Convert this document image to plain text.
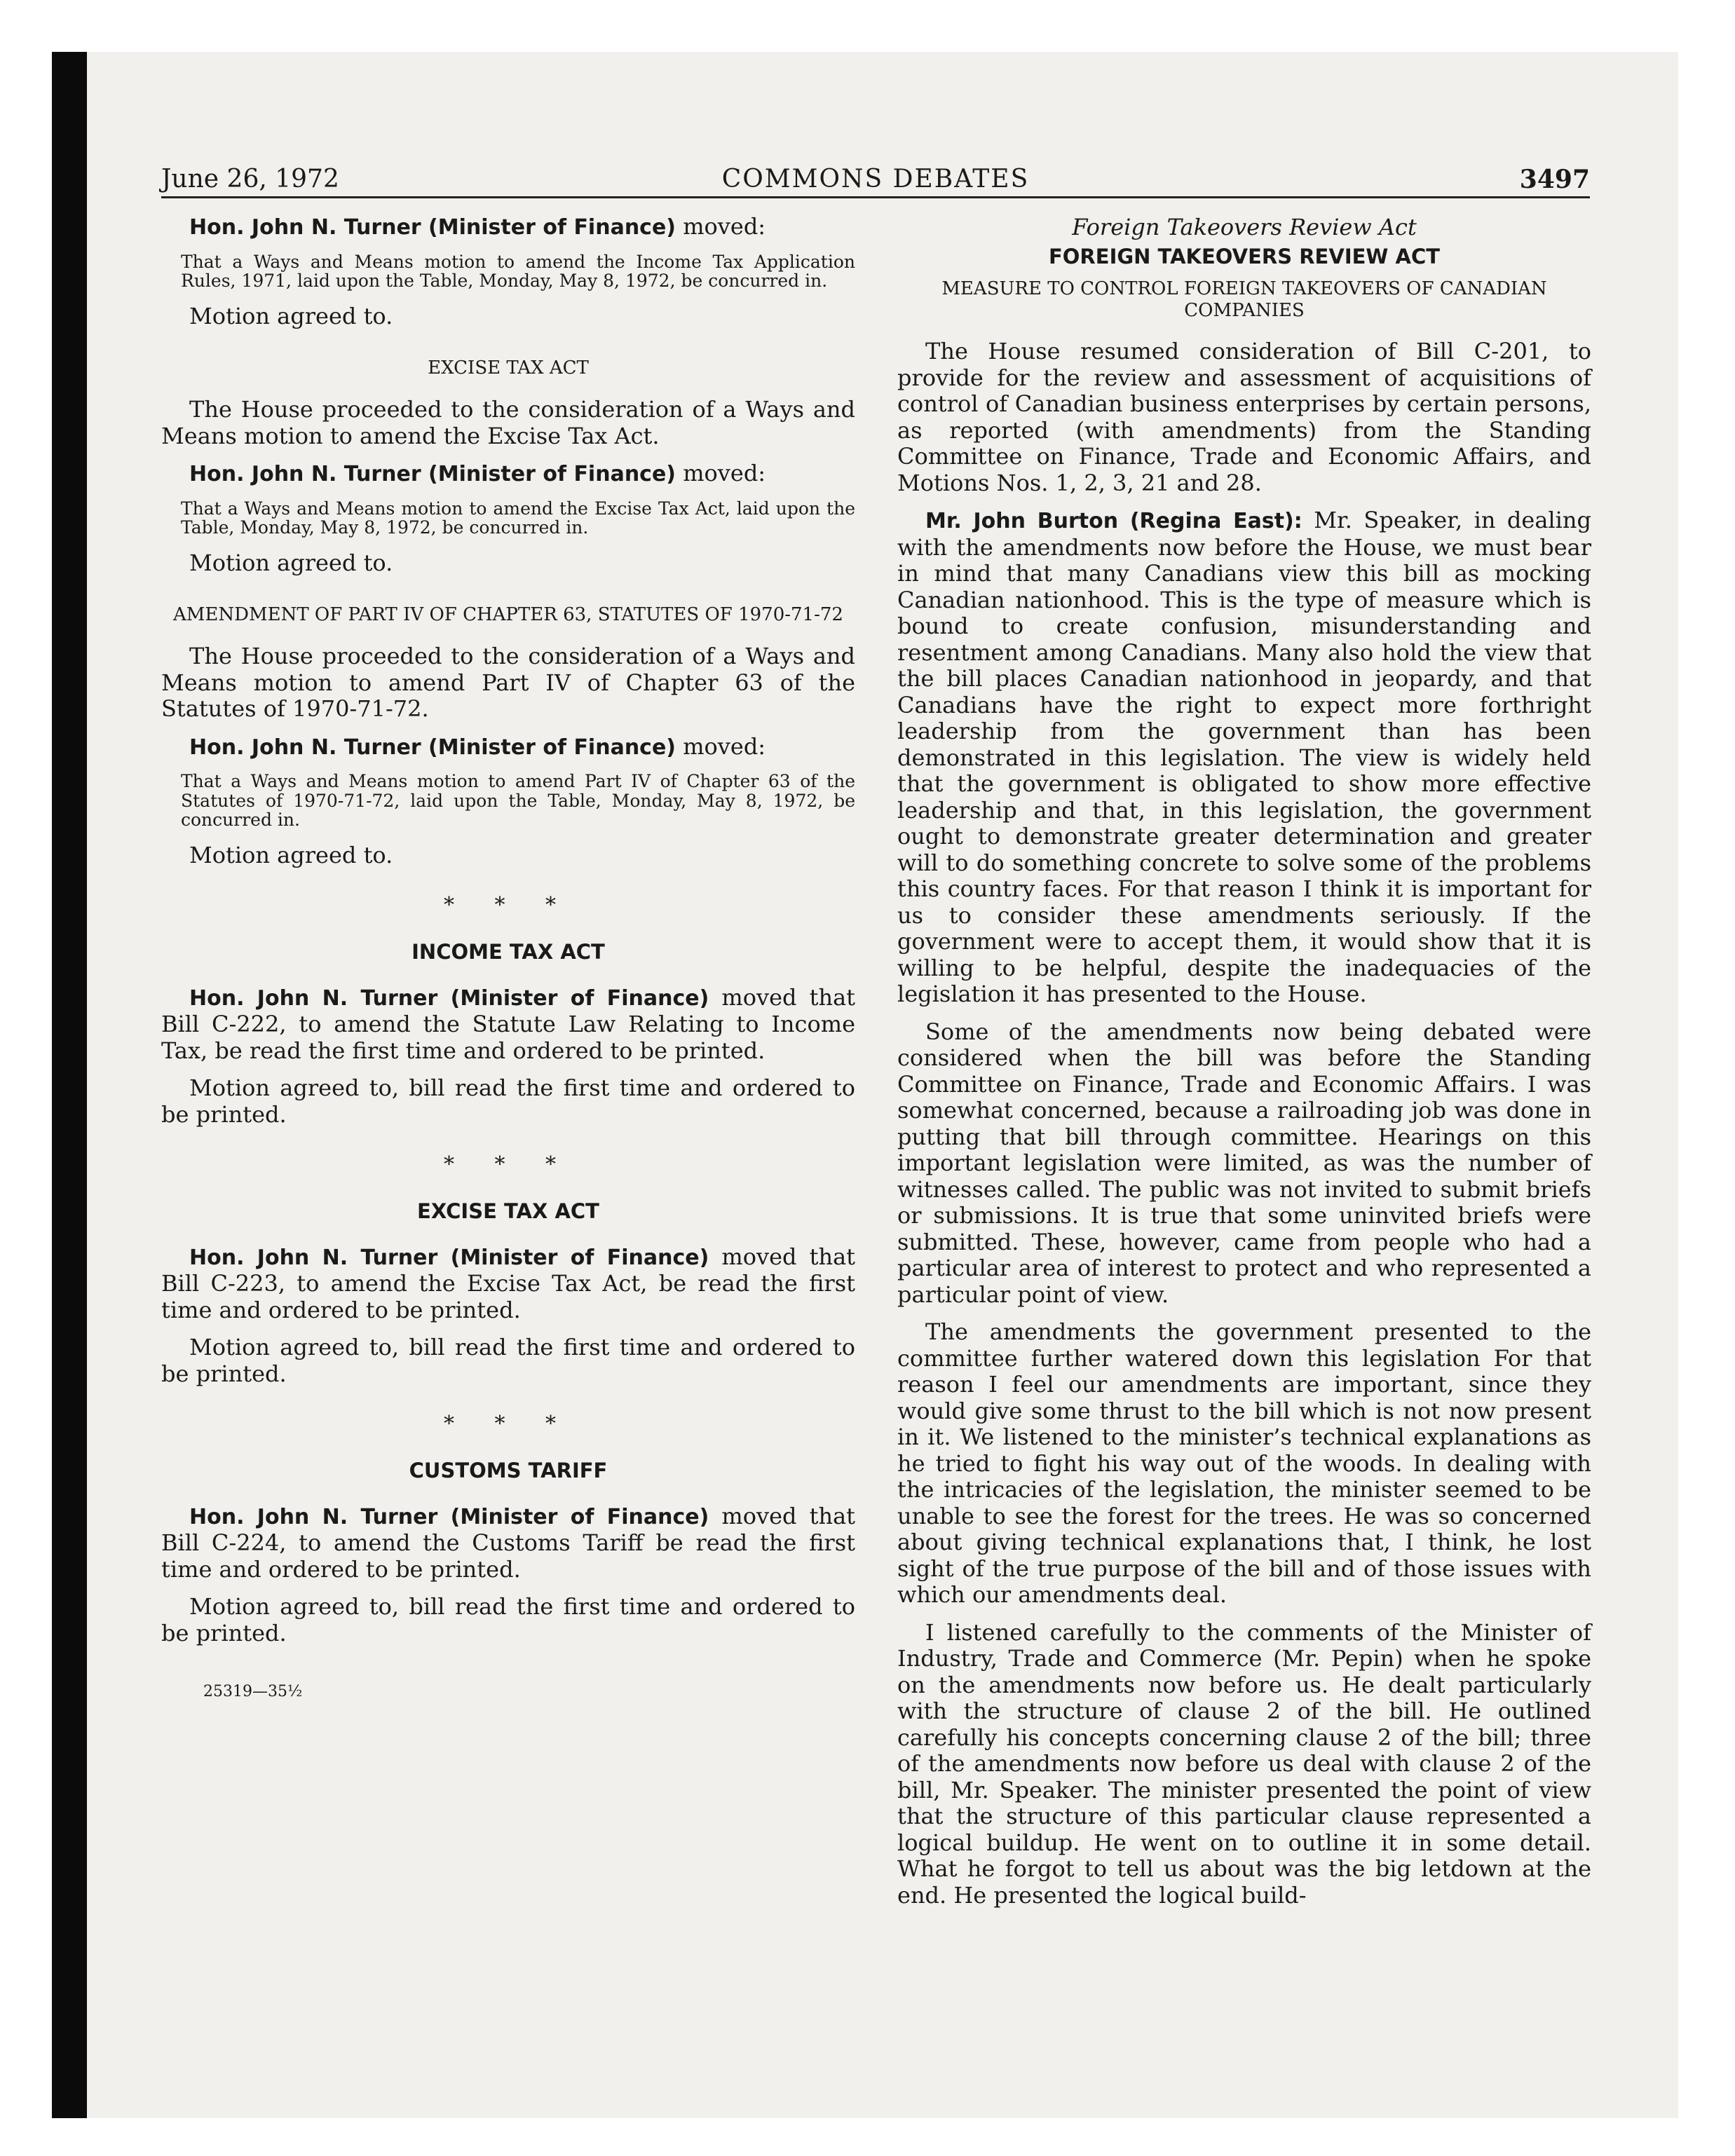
June 26, 1972	COMMONS DEBATES	3497

Hon. John N. Turner (Minister of Finance) moved:

That a Ways and Means motion to amend the Income Tax Application Rules, 1971, laid upon the Table, Monday, May 8, 1972, be concurred in.

Motion agreed to.

EXCISE TAX ACT

The House proceeded to the consideration of a Ways and Means motion to amend the Excise Tax Act.

Hon. John N. Turner (Minister of Finance) moved:

That a Ways and Means motion to amend the Excise Tax Act, laid upon the Table, Monday, May 8, 1972, be concurred in.

Motion agreed to.

AMENDMENT OF PART IV OF CHAPTER 63, STATUTES OF 1970-71-72

The House proceeded to the consideration of a Ways and Means motion to amend Part IV of Chapter 63 of the Statutes of 1970-71-72.

Hon. John N. Turner (Minister of Finance) moved:

That a Ways and Means motion to amend Part IV of Chapter 63 of the Statutes of 1970-71-72, laid upon the Table, Monday, May 8, 1972, be concurred in.

Motion agreed to.

* * *

INCOME TAX ACT

Hon. John N. Turner (Minister of Finance) moved that Bill C-222, to amend the Statute Law Relating to Income Tax, be read the first time and ordered to be printed.

Motion agreed to, bill read the first time and ordered to be printed.

* * *

EXCISE TAX ACT

Hon. John N. Turner (Minister of Finance) moved that Bill C-223, to amend the Excise Tax Act, be read the first time and ordered to be printed.

Motion agreed to, bill read the first time and ordered to be printed.

* * *

CUSTOMS TARIFF

Hon. John N. Turner (Minister of Finance) moved that Bill C-224, to amend the Customs Tariff be read the first time and ordered to be printed.

Motion agreed to, bill read the first time and ordered to be printed.

25319—35½

Foreign Takeovers Review Act

FOREIGN TAKEOVERS REVIEW ACT

MEASURE TO CONTROL FOREIGN TAKEOVERS OF CANADIAN COMPANIES

The House resumed consideration of Bill C-201, to provide for the review and assessment of acquisitions of control of Canadian business enterprises by certain persons, as reported (with amendments) from the Standing Committee on Finance, Trade and Economic Affairs, and Motions Nos. 1, 2, 3, 21 and 28.

Mr. John Burton (Regina East): Mr. Speaker, in dealing with the amendments now before the House, we must bear in mind that many Canadians view this bill as mocking Canadian nationhood. This is the type of measure which is bound to create confusion, misunderstanding and resentment among Canadians. Many also hold the view that the bill places Canadian nationhood in jeopardy, and that Canadians have the right to expect more forthright leadership from the government than has been demonstrated in this legislation. The view is widely held that the government is obligated to show more effective leadership and that, in this legislation, the government ought to demonstrate greater determination and greater will to do something concrete to solve some of the problems this country faces. For that reason I think it is important for us to consider these amendments seriously. If the government were to accept them, it would show that it is willing to be helpful, despite the inadequacies of the legislation it has presented to the House.

Some of the amendments now being debated were considered when the bill was before the Standing Committee on Finance, Trade and Economic Affairs. I was somewhat concerned, because a railroading job was done in putting that bill through committee. Hearings on this important legislation were limited, as was the number of witnesses called. The public was not invited to submit briefs or submissions. It is true that some uninvited briefs were submitted. These, however, came from people who had a particular area of interest to protect and who represented a particular point of view.

The amendments the government presented to the committee further watered down this legislation For that reason I feel our amendments are important, since they would give some thrust to the bill which is not now present in it. We listened to the minister’s technical explanations as he tried to fight his way out of the woods. In dealing with the intricacies of the legislation, the minister seemed to be unable to see the forest for the trees. He was so concerned about giving technical explanations that, I think, he lost sight of the true purpose of the bill and of those issues with which our amendments deal.

I listened carefully to the comments of the Minister of Industry, Trade and Commerce (Mr. Pepin) when he spoke on the amendments now before us. He dealt particularly with the structure of clause 2 of the bill. He outlined carefully his concepts concerning clause 2 of the bill; three of the amendments now before us deal with clause 2 of the bill, Mr. Speaker. The minister presented the point of view that the structure of this particular clause represented a logical buildup. He went on to outline it in some detail. What he forgot to tell us about was the big letdown at the end. He presented the logical build-
